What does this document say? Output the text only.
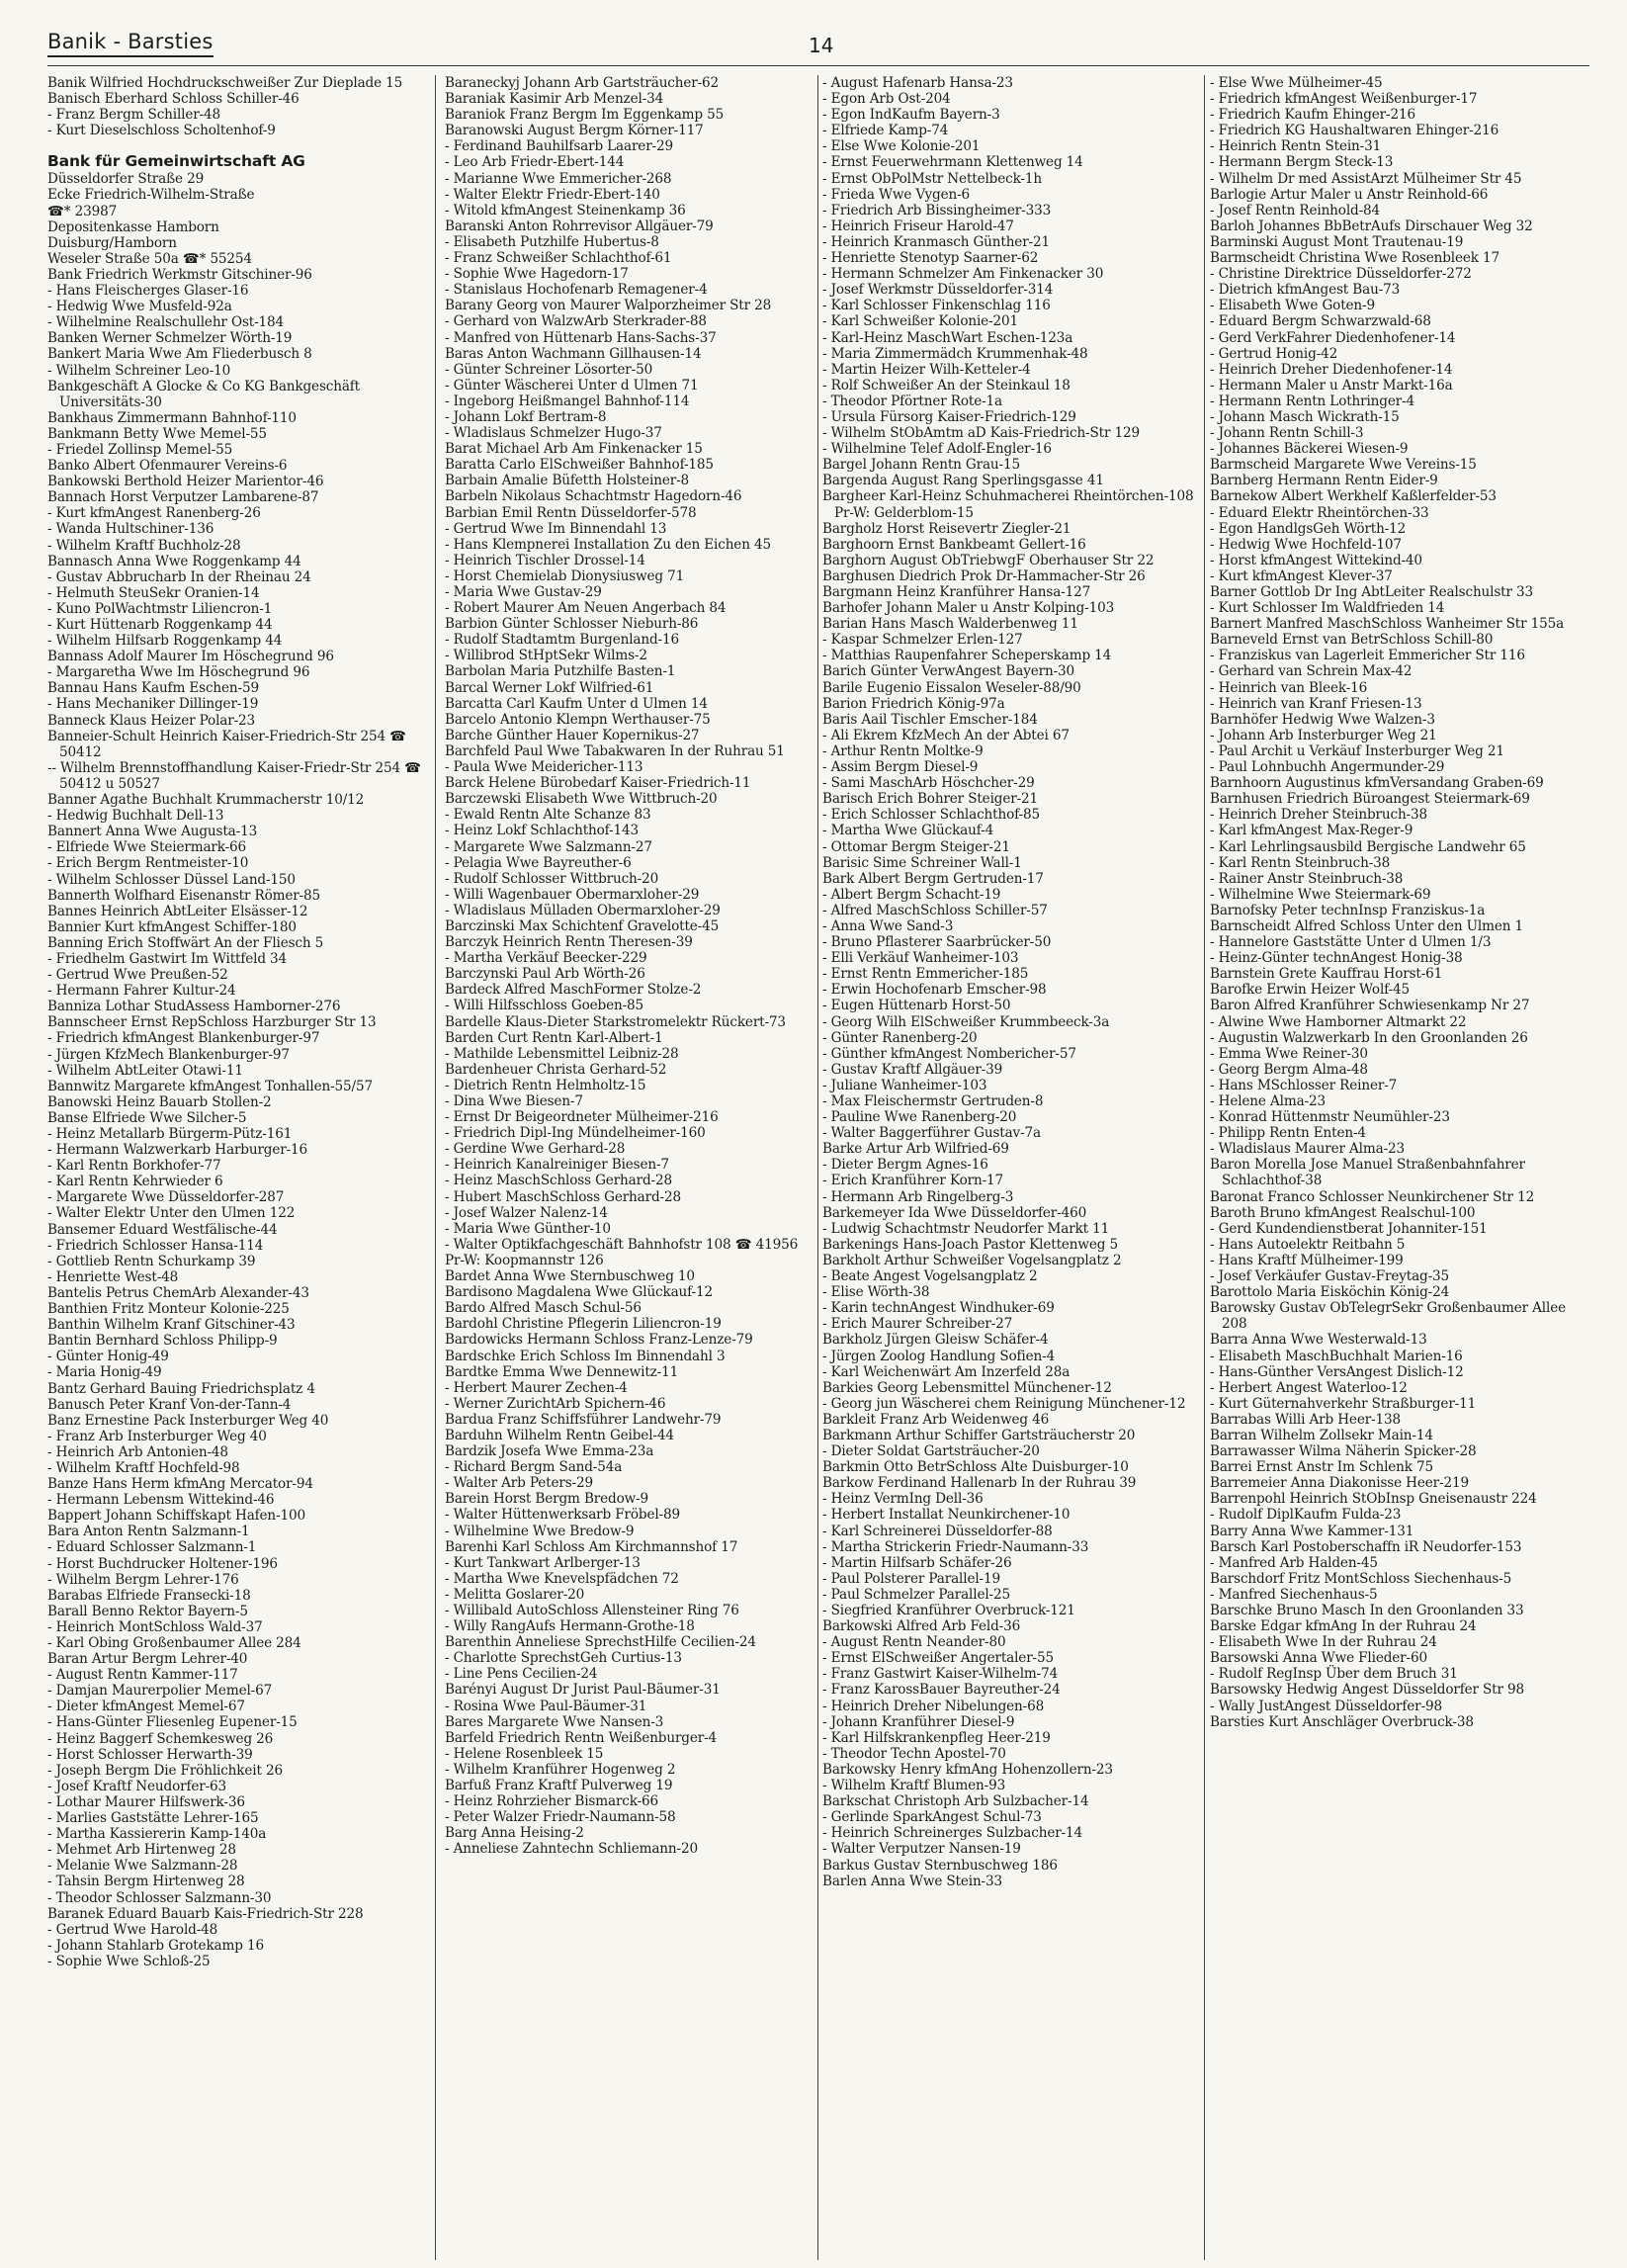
Banik - Barsties	14
Banik Wilfried Hochdruckschweißer Zur Dieplade 15
Banisch Eberhard Schloss Schiller-46
- Franz Bergm Schiller-48
- Kurt Dieselschloss Scholtenhof-9
Bank für Gemeinwirtschaft AG
Düsseldorfer Straße 29
Ecke Friedrich-Wilhelm-Straße
☎* 23987
Depositenkasse Hamborn
Duisburg/Hamborn
Weseler Straße 50a ☎* 55254
Bank Friedrich Werkmstr Gitschiner-96
- Hans Fleischerges Glaser-16
- Hedwig Wwe Musfeld-92a
- Wilhelmine Realschullehr Ost-184
Banken Werner Schmelzer Wörth-19
Bankert Maria Wwe Am Fliederbusch 8
- Wilhelm Schreiner Leo-10
Bankgeschäft A Glocke & Co KG Bankgeschäft Universitäts-30
Bankhaus Zimmermann Bahnhof-110
Bankmann Betty Wwe Memel-55
- Friedel Zollinsp Memel-55
Banko Albert Ofenmaurer Vereins-6
Bankowski Berthold Heizer Marientor-46
Bannach Horst Verputzer Lambarene-87
- Kurt kfmAngest Ranenberg-26
- Wanda Hultschiner-136
- Wilhelm Kraftf Buchholz-28
Bannasch Anna Wwe Roggenkamp 44
- Gustav Abbrucharb In der Rheinau 24
- Helmuth SteuSekr Oranien-14
- Kuno PolWachtmstr Liliencron-1
- Kurt Hüttenarb Roggenkamp 44
- Wilhelm Hilfsarb Roggenkamp 44
Bannass Adolf Maurer Im Höschegrund 96
- Margaretha Wwe Im Höschegrund 96
Bannau Hans Kaufm Eschen-59
- Hans Mechaniker Dillinger-19
Banneck Klaus Heizer Polar-23
Banneier-Schult Heinrich Kaiser-Friedrich-Str 254 ☎ 50412
-- Wilhelm Brennstoffhandlung Kaiser-Friedr-Str 254 ☎ 50412 u 50527
Banner Agathe Buchhalt Krummacherstr 10/12
- Hedwig Buchhalt Dell-13
Bannert Anna Wwe Augusta-13
- Elfriede Wwe Steiermark-66
- Erich Bergm Rentmeister-10
- Wilhelm Schlosser Düssel Land-150
Bannerth Wolfhard Eisenanstr Römer-85
Bannes Heinrich AbtLeiter Elsässer-12
Bannier Kurt kfmAngest Schiffer-180
Banning Erich Stoffwärt An der Fliesch 5
- Friedhelm Gastwirt Im Wittfeld 34
- Gertrud Wwe Preußen-52
- Hermann Fahrer Kultur-24
Banniza Lothar StudAssess Hamborner-276
Bannscheer Ernst RepSchloss Harzburger Str 13
- Friedrich kfmAngest Blankenburger-97
- Jürgen KfzMech Blankenburger-97
- Wilhelm AbtLeiter Otawi-11
Bannwitz Margarete kfmAngest Tonhallen-55/57
Banowski Heinz Bauarb Stollen-2
Banse Elfriede Wwe Silcher-5
- Heinz Metallarb Bürgerm-Pütz-161
- Hermann Walzwerkarb Harburger-16
- Karl Rentn Borkhofer-77
- Karl Rentn Kehrwieder 6
- Margarete Wwe Düsseldorfer-287
- Walter Elektr Unter den Ulmen 122
Bansemer Eduard Westfälische-44
- Friedrich Schlosser Hansa-114
- Gottlieb Rentn Schurkamp 39
- Henriette West-48
Bantelis Petrus ChemArb Alexander-43
Banthien Fritz Monteur Kolonie-225
Banthin Wilhelm Kranf Gitschiner-43
Bantin Bernhard Schloss Philipp-9
- Günter Honig-49
- Maria Honig-49
Bantz Gerhard Bauing Friedrichsplatz 4
Banusch Peter Kranf Von-der-Tann-4
Banz Ernestine Pack Insterburger Weg 40
- Franz Arb Insterburger Weg 40
- Heinrich Arb Antonien-48
- Wilhelm Kraftf Hochfeld-98
Banze Hans Herm kfmAng Mercator-94
- Hermann Lebensm Wittekind-46
Bappert Johann Schiffskapt Hafen-100
Bara Anton Rentn Salzmann-1
- Eduard Schlosser Salzmann-1
- Horst Buchdrucker Holtener-196
- Wilhelm Bergm Lehrer-176
Barabas Elfriede Fransecki-18
Barall Benno Rektor Bayern-5
- Heinrich MontSchloss Wald-37
- Karl Obing Großenbaumer Allee 284
Baran Artur Bergm Lehrer-40
- August Rentn Kammer-117
- Damjan Maurerpolier Memel-67
- Dieter kfmAngest Memel-67
- Hans-Günter Fliesenleg Eupener-15
- Heinz Baggerf Schemkesweg 26
- Horst Schlosser Herwarth-39
- Joseph Bergm Die Fröhlichkeit 26
- Josef Kraftf Neudorfer-63
- Lothar Maurer Hilfswerk-36
- Marlies Gaststätte Lehrer-165
- Martha Kassiererin Kamp-140a
- Mehmet Arb Hirtenweg 28
- Melanie Wwe Salzmann-28
- Tahsin Bergm Hirtenweg 28
- Theodor Schlosser Salzmann-30
Baranek Eduard Bauarb Kais-Friedrich-Str 228
- Gertrud Wwe Harold-48
- Johann Stahlarb Grotekamp 16
- Sophie Wwe Schloß-25
Baraneckyj Johann Arb Gartsträucher-62
Baraniak Kasimir Arb Menzel-34
Baraniok Franz Bergm Im Eggenkamp 55
Baranowski August Bergm Körner-117
- Ferdinand Bauhilfsarb Laarer-29
- Leo Arb Friedr-Ebert-144
- Marianne Wwe Emmericher-268
- Walter Elektr Friedr-Ebert-140
- Witold kfmAngest Steinenkamp 36
Baranski Anton Rohrrevisor Allgäuer-79
- Elisabeth Putzhilfe Hubertus-8
- Franz Schweißer Schlachthof-61
- Sophie Wwe Hagedorn-17
- Stanislaus Hochofenarb Remagener-4
Barany Georg von Maurer Walporzheimer Str 28
- Gerhard von WalzwArb Sterkrader-88
- Manfred von Hüttenarb Hans-Sachs-37
Baras Anton Wachmann Gillhausen-14
- Günter Schreiner Lösorter-50
- Günter Wäscherei Unter d Ulmen 71
- Ingeborg Heißmangel Bahnhof-114
- Johann Lokf Bertram-8
- Wladislaus Schmelzer Hugo-37
Barat Michael Arb Am Finkenacker 15
Baratta Carlo ElSchweißer Bahnhof-185
Barbain Amalie Büfetth Holsteiner-8
Barbeln Nikolaus Schachtmstr Hagedorn-46
Barbian Emil Rentn Düsseldorfer-578
- Gertrud Wwe Im Binnendahl 13
- Hans Klempnerei Installation Zu den Eichen 45
- Heinrich Tischler Drossel-14
- Horst Chemielab Dionysiusweg 71
- Maria Wwe Gustav-29
- Robert Maurer Am Neuen Angerbach 84
Barbion Günter Schlosser Nieburh-86
- Rudolf Stadtamtm Burgenland-16
- Willibrod StHptSekr Wilms-2
Barbolan Maria Putzhilfe Basten-1
Barcal Werner Lokf Wilfried-61
Barcatta Carl Kaufm Unter d Ulmen 14
Barcelo Antonio Klempn Werthauser-75
Barche Günther Hauer Kopernikus-27
Barchfeld Paul Wwe Tabakwaren In der Ruhrau 51
- Paula Wwe Meidericher-113
Barck Helene Bürobedarf Kaiser-Friedrich-11
Barczewski Elisabeth Wwe Wittbruch-20
- Ewald Rentn Alte Schanze 83
- Heinz Lokf Schlachthof-143
- Margarete Wwe Salzmann-27
- Pelagia Wwe Bayreuther-6
- Rudolf Schlosser Wittbruch-20
- Willi Wagenbauer Obermarxloher-29
- Wladislaus Mülladen Obermarxloher-29
Barczinski Max Schichtenf Gravelotte-45
Barczyk Heinrich Rentn Theresen-39
- Martha Verkäuf Beecker-229
Barczynski Paul Arb Wörth-26
Bardeck Alfred MaschFormer Stolze-2
- Willi Hilfsschloss Goeben-85
Bardelle Klaus-Dieter Starkstromelektr Rückert-73
Barden Curt Rentn Karl-Albert-1
- Mathilde Lebensmittel Leibniz-28
Bardenheuer Christa Gerhard-52
- Dietrich Rentn Helmholtz-15
- Dina Wwe Biesen-7
- Ernst Dr Beigeordneter Mülheimer-216
- Friedrich Dipl-Ing Mündelheimer-160
- Gerdine Wwe Gerhard-28
- Heinrich Kanalreiniger Biesen-7
- Heinz MaschSchloss Gerhard-28
- Hubert MaschSchloss Gerhard-28
- Josef Walzer Nalenz-14
- Maria Wwe Günther-10
- Walter Optikfachgeschäft Bahnhofstr 108 ☎ 41956
Pr-W: Koopmannstr 126
Bardet Anna Wwe Sternbuschweg 10
Bardisono Magdalena Wwe Glückauf-12
Bardo Alfred Masch Schul-56
Bardohl Christine Pflegerin Liliencron-19
Bardowicks Hermann Schloss Franz-Lenze-79
Bardschke Erich Schloss Im Binnendahl 3
Bardtke Emma Wwe Dennewitz-11
- Herbert Maurer Zechen-4
- Werner ZurichtArb Spichern-46
Bardua Franz Schiffsführer Landwehr-79
Barduhn Wilhelm Rentn Geibel-44
Bardzik Josefa Wwe Emma-23a
- Richard Bergm Sand-54a
- Walter Arb Peters-29
Barein Horst Bergm Bredow-9
- Walter Hüttenwerksarb Fröbel-89
- Wilhelmine Wwe Bredow-9
Barenhi Karl Schloss Am Kirchmannshof 17
- Kurt Tankwart Arlberger-13
- Martha Wwe Knevelspfädchen 72
- Melitta Goslarer-20
- Willibald AutoSchloss Allensteiner Ring 76
- Willy RangAufs Hermann-Grothe-18
Barenthin Anneliese SprechstHilfe Cecilien-24
- Charlotte SprechstGeh Curtius-13
- Line Pens Cecilien-24
Barényi August Dr Jurist Paul-Bäumer-31
- Rosina Wwe Paul-Bäumer-31
Bares Margarete Wwe Nansen-3
Barfeld Friedrich Rentn Weißenburger-4
- Helene Rosenbleek 15
- Wilhelm Kranführer Hogenweg 2
Barfuß Franz Kraftf Pulverweg 19
- Heinz Rohrzieher Bismarck-66
- Peter Walzer Friedr-Naumann-58
Barg Anna Heising-2
- Anneliese Zahntechn Schliemann-20
- August Hafenarb Hansa-23
- Egon Arb Ost-204
- Egon IndKaufm Bayern-3
- Elfriede Kamp-74
- Else Wwe Kolonie-201
- Ernst Feuerwehrmann Klettenweg 14
- Ernst ObPolMstr Nettelbeck-1h
- Frieda Wwe Vygen-6
- Friedrich Arb Bissingheimer-333
- Heinrich Friseur Harold-47
- Heinrich Kranmasch Günther-21
- Henriette Stenotyp Saarner-62
- Hermann Schmelzer Am Finkenacker 30
- Josef Werkmstr Düsseldorfer-314
- Karl Schlosser Finkenschlag 116
- Karl Schweißer Kolonie-201
- Karl-Heinz MaschWart Eschen-123a
- Maria Zimmermädch Krummenhak-48
- Martin Heizer Wilh-Ketteler-4
- Rolf Schweißer An der Steinkaul 18
- Theodor Pförtner Rote-1a
- Ursula Fürsorg Kaiser-Friedrich-129
- Wilhelm StObAmtm aD Kais-Friedrich-Str 129
- Wilhelmine Telef Adolf-Engler-16
Bargel Johann Rentn Grau-15
Bargenda August Rang Sperlingsgasse 41
Bargheer Karl-Heinz Schuhmacherei Rheintörchen-108 Pr-W: Gelderblom-15
Bargholz Horst Reisevertr Ziegler-21
Barghoorn Ernst Bankbeamt Gellert-16
Barghorn August ObTriebwgF Oberhauser Str 22
Barghusen Diedrich Prok Dr-Hammacher-Str 26
Bargmann Heinz Kranführer Hansa-127
Barhofer Johann Maler u Anstr Kolping-103
Barian Hans Masch Walderbenweg 11
- Kaspar Schmelzer Erlen-127
- Matthias Raupenfahrer Scheperskamp 14
Barich Günter VerwAngest Bayern-30
Barile Eugenio Eissalon Weseler-88/90
Barion Friedrich König-97a
Baris Aail Tischler Emscher-184
- Ali Ekrem KfzMech An der Abtei 67
- Arthur Rentn Moltke-9
- Assim Bergm Diesel-9
- Sami MaschArb Höschcher-29
Barisch Erich Bohrer Steiger-21
- Erich Schlosser Schlachthof-85
- Martha Wwe Glückauf-4
- Ottomar Bergm Steiger-21
Barisic Sime Schreiner Wall-1
Bark Albert Bergm Gertruden-17
- Albert Bergm Schacht-19
- Alfred MaschSchloss Schiller-57
- Anna Wwe Sand-3
- Bruno Pflasterer Saarbrücker-50
- Elli Verkäuf Wanheimer-103
- Ernst Rentn Emmericher-185
- Erwin Hochofenarb Emscher-98
- Eugen Hüttenarb Horst-50
- Georg Wilh ElSchweißer Krummbeeck-3a
- Günter Ranenberg-20
- Günther kfmAngest Nombericher-57
- Gustav Kraftf Allgäuer-39
- Juliane Wanheimer-103
- Max Fleischermstr Gertruden-8
- Pauline Wwe Ranenberg-20
- Walter Baggerführer Gustav-7a
Barke Artur Arb Wilfried-69
- Dieter Bergm Agnes-16
- Erich Kranführer Korn-17
- Hermann Arb Ringelberg-3
Barkemeyer Ida Wwe Düsseldorfer-460
- Ludwig Schachtmstr Neudorfer Markt 11
Barkenings Hans-Joach Pastor Klettenweg 5
Barkholt Arthur Schweißer Vogelsangplatz 2
- Beate Angest Vogelsangplatz 2
- Elise Wörth-38
- Karin technAngest Windhuker-69
- Erich Maurer Schreiber-27
Barkholz Jürgen Gleisw Schäfer-4
- Jürgen Zoolog Handlung Sofien-4
- Karl Weichenwärt Am Inzerfeld 28a
Barkies Georg Lebensmittel Münchener-12
- Georg jun Wäscherei chem Reinigung Münchener-12
Barkleit Franz Arb Weidenweg 46
Barkmann Arthur Schiffer Gartsträucherstr 20
- Dieter Soldat Gartsträucher-20
Barkmin Otto BetrSchloss Alte Duisburger-10
Barkow Ferdinand Hallenarb In der Ruhrau 39
- Heinz VermIng Dell-36
- Herbert Installat Neunkirchener-10
- Karl Schreinerei Düsseldorfer-88
- Martha Strickerin Friedr-Naumann-33
- Martin Hilfsarb Schäfer-26
- Paul Polsterer Parallel-19
- Paul Schmelzer Parallel-25
- Siegfried Kranführer Overbruck-121
Barkowski Alfred Arb Feld-36
- August Rentn Neander-80
- Ernst ElSchweißer Angertaler-55
- Franz Gastwirt Kaiser-Wilhelm-74
- Franz KarossBauer Bayreuther-24
- Heinrich Dreher Nibelungen-68
- Johann Kranführer Diesel-9
- Karl Hilfskrankenpfleg Heer-219
- Theodor Techn Apostel-70
Barkowsky Henry kfmAng Hohenzollern-23
- Wilhelm Kraftf Blumen-93
Barkschat Christoph Arb Sulzbacher-14
- Gerlinde SparkAngest Schul-73
- Heinrich Schreinerges Sulzbacher-14
- Walter Verputzer Nansen-19
Barkus Gustav Sternbuschweg 186
Barlen Anna Wwe Stein-33
- Else Wwe Mülheimer-45
- Friedrich kfmAngest Weißenburger-17
- Friedrich Kaufm Ehinger-216
- Friedrich KG Haushaltwaren Ehinger-216
- Heinrich Rentn Stein-31
- Hermann Bergm Steck-13
- Wilhelm Dr med AssistArzt Mülheimer Str 45
Barlogie Artur Maler u Anstr Reinhold-66
- Josef Rentn Reinhold-84
Barloh Johannes BbBetrAufs Dirschauer Weg 32
Barminski August Mont Trautenau-19
Barmscheidt Christina Wwe Rosenbleek 17
- Christine Direktrice Düsseldorfer-272
- Dietrich kfmAngest Bau-73
- Elisabeth Wwe Goten-9
- Eduard Bergm Schwarzwald-68
- Gerd VerkFahrer Diedenhofener-14
- Gertrud Honig-42
- Heinrich Dreher Diedenhofener-14
- Hermann Maler u Anstr Markt-16a
- Hermann Rentn Lothringer-4
- Johann Masch Wickrath-15
- Johann Rentn Schill-3
- Johannes Bäckerei Wiesen-9
Barmscheid Margarete Wwe Vereins-15
Barnberg Hermann Rentn Eider-9
Barnekow Albert Werkhelf Kaßlerfelder-53
- Eduard Elektr Rheintörchen-33
- Egon HandlgsGeh Wörth-12
- Hedwig Wwe Hochfeld-107
- Horst kfmAngest Wittekind-40
- Kurt kfmAngest Klever-37
Barner Gottlob Dr Ing AbtLeiter Realschulstr 33
- Kurt Schlosser Im Waldfrieden 14
Barnert Manfred MaschSchloss Wanheimer Str 155a
Barneveld Ernst van BetrSchloss Schill-80
- Franziskus van Lagerleit Emmericher Str 116
- Gerhard van Schrein Max-42
- Heinrich van Bleek-16
- Heinrich van Kranf Friesen-13
Barnhöfer Hedwig Wwe Walzen-3
- Johann Arb Insterburger Weg 21
- Paul Archit u Verkäuf Insterburger Weg 21
- Paul Lohnbuchh Angermunder-29
Barnhoorn Augustinus kfmVersandang Graben-69
Barnhusen Friedrich Büroangest Steiermark-69
- Heinrich Dreher Steinbruch-38
- Karl kfmAngest Max-Reger-9
- Karl Lehrlingsausbild Bergische Landwehr 65
- Karl Rentn Steinbruch-38
- Rainer Anstr Steinbruch-38
- Wilhelmine Wwe Steiermark-69
Barnofsky Peter technInsp Franziskus-1a
Barnscheidt Alfred Schloss Unter den Ulmen 1
- Hannelore Gaststätte Unter d Ulmen 1/3
- Heinz-Günter technAngest Honig-38
Barnstein Grete Kauffrau Horst-61
Barofke Erwin Heizer Wolf-45
Baron Alfred Kranführer Schwiesenkamp Nr 27
- Alwine Wwe Hamborner Altmarkt 22
- Augustin Walzwerkarb In den Groonlanden 26
- Emma Wwe Reiner-30
- Georg Bergm Alma-48
- Hans MSchlosser Reiner-7
- Helene Alma-23
- Konrad Hüttenmstr Neumühler-23
- Philipp Rentn Enten-4
- Wladislaus Maurer Alma-23
Baron Morella Jose Manuel Straßenbahnfahrer Schlachthof-38
Baronat Franco Schlosser Neunkirchener Str 12
Baroth Bruno kfmAngest Realschul-100
- Gerd Kundendienstberat Johanniter-151
- Hans Autoelektr Reitbahn 5
- Hans Kraftf Mülheimer-199
- Josef Verkäufer Gustav-Freytag-35
Barottolo Maria Eisköchin König-24
Barowsky Gustav ObTelegrSekr Großenbaumer Allee 208
Barra Anna Wwe Westerwald-13
- Elisabeth MaschBuchhalt Marien-16
- Hans-Günther VersAngest Dislich-12
- Herbert Angest Waterloo-12
- Kurt Güternahverkehr Straßburger-11
Barrabas Willi Arb Heer-138
Barran Wilhelm Zollsekr Main-14
Barrawasser Wilma Näherin Spicker-28
Barrei Ernst Anstr Im Schlenk 75
Barremeier Anna Diakonisse Heer-219
Barrenpohl Heinrich StObInsp Gneisenaustr 224
- Rudolf DiplKaufm Fulda-23
Barry Anna Wwe Kammer-131
Barsch Karl Postoberschaffn iR Neudorfer-153
- Manfred Arb Halden-45
Barschdorf Fritz MontSchloss Siechenhaus-5
- Manfred Siechenhaus-5
Barschke Bruno Masch In den Groonlanden 33
Barske Edgar kfmAng In der Ruhrau 24
- Elisabeth Wwe In der Ruhrau 24
Barsowski Anna Wwe Flieder-60
- Rudolf RegInsp Über dem Bruch 31
Barsowsky Hedwig Angest Düsseldorfer Str 98
- Wally JustAngest Düsseldorfer-98
Barsties Kurt Anschläger Overbruck-38
